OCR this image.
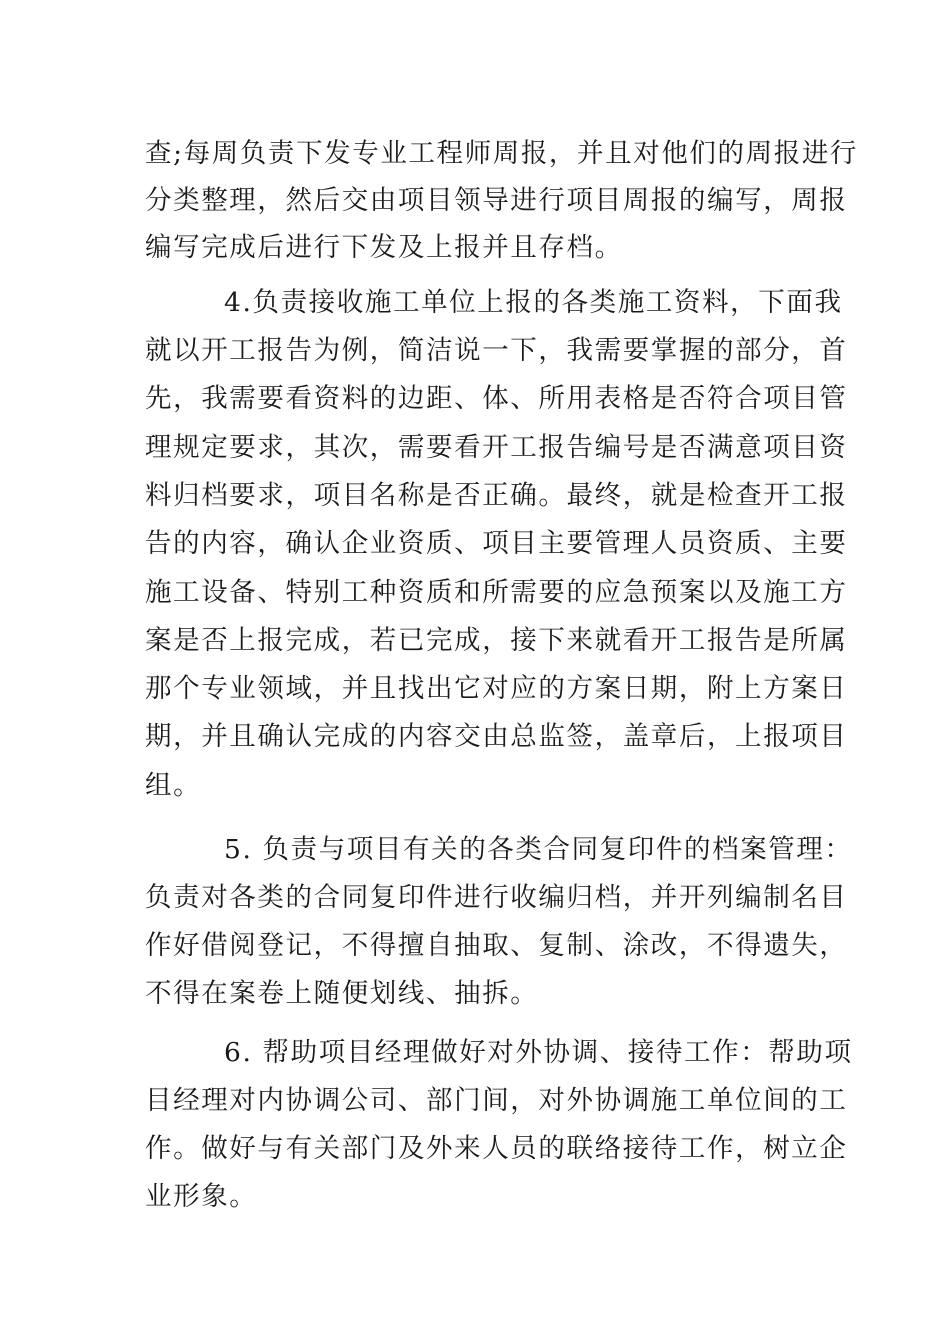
查;每周负责下发专业工程师周报，并且对他们的周报进行
分类整理，然后交由项目领导进行项目周报的编写，周报
编写完成后进行下发及上报并且存档。
4.负责接收施工单位上报的各类施工资料，下面我
就以开工报告为例，简洁说一下，我需要掌握的部分，首
先，我需要看资料的边距、体、所用表格是否符合项目管
理规定要求，其次，需要看开工报告编号是否满意项目资
料归档要求，项目名称是否正确。最终，就是检查开工报
告的内容，确认企业资质、项目主要管理人员资质、主要
施工设备、特别工种资质和所需要的应急预案以及施工方
案是否上报完成，若已完成，接下来就看开工报告是所属
那个专业领域，并且找出它对应的方案日期，附上方案日
期，并且确认完成的内容交由总监签，盖章后，上报项目
组。
5. 负责与项目有关的各类合同复印件的档案管理：
负责对各类的合同复印件进行收编归档，并开列编制名目
作好借阅登记，不得擅自抽取、复制、涂改，不得遗失，
不得在案卷上随便划线、抽拆。
6. 帮助项目经理做好对外协调、接待工作：帮助项
目经理对内协调公司、部门间，对外协调施工单位间的工
作。做好与有关部门及外来人员的联络接待工作，树立企
业形象。
